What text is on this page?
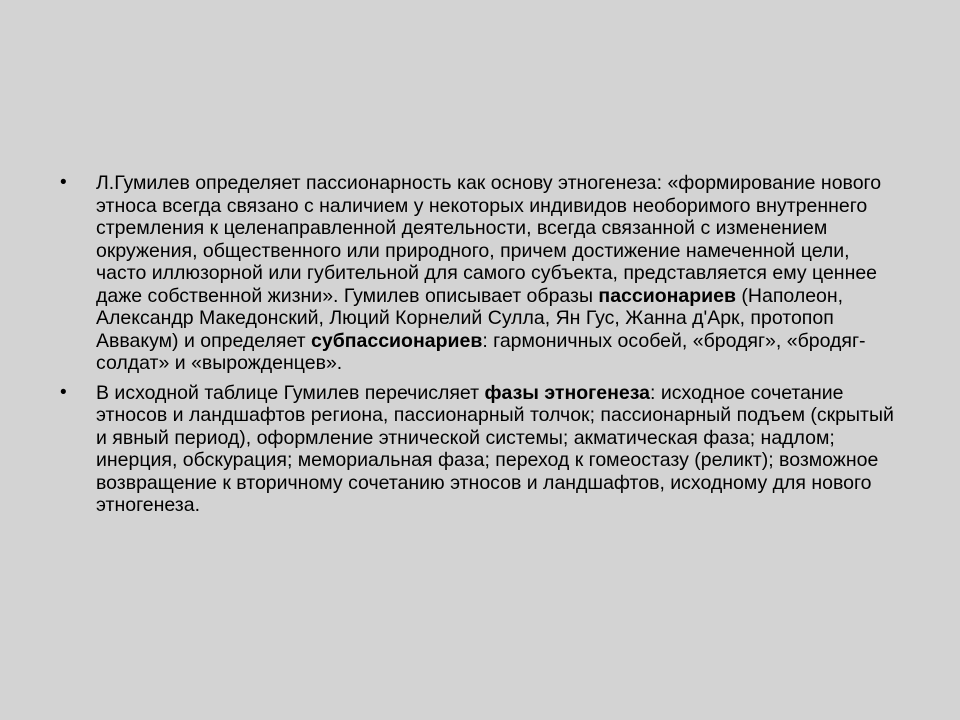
• Л.Гумилев определяет пассионарность как основу этногенеза: «формирование нового этноса всегда связано с наличием у некоторых индивидов необоримого внутреннего стремления к целенаправленной деятельности, всегда связанной с изменением окружения, общественного или природного, причем достижение намеченной цели, часто иллюзорной или губительной для самого субъекта, представляется ему ценнее даже собственной жизни». Гумилев описывает образы пассионариев (Наполеон, Александр Македонский, Люций Корнелий Сулла, Ян Гус, Жанна д'Арк, протопоп Аввакум) и определяет субпассионариев: гармоничных особей, «бродяг», «бродяг-солдат» и «вырожденцев».
• В исходной таблице Гумилев перечисляет фазы этногенеза: исходное сочетание этносов и ландшафтов региона, пассионарный толчок; пассионарный подъем (скрытый и явный период), оформление этнической системы; акматическая фаза; надлом; инерция, обскурация; мемориальная фаза; переход к гомеостазу (реликт); возможное возвращение к вторичному сочетанию этносов и ландшафтов, исходному для нового этногенеза.
